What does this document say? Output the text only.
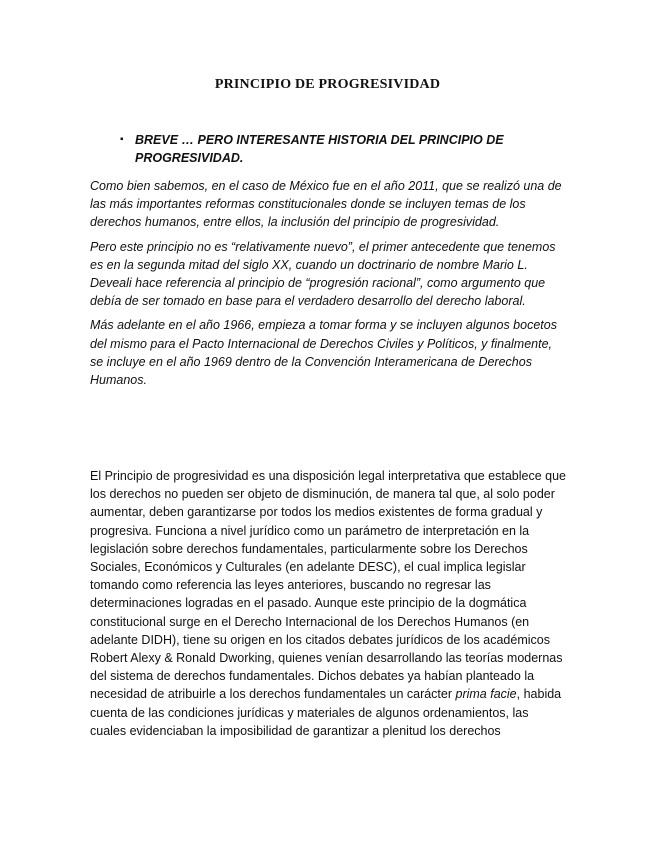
PRINCIPIO DE PROGRESIVIDAD
▪ BREVE … PERO INTERESANTE HISTORIA DEL PRINCIPIO DE PROGRESIVIDAD.

Como bien sabemos, en el caso de México fue en el año 2011, que se realizó una de las más importantes reformas constitucionales donde se incluyen temas de los derechos humanos, entre ellos, la inclusión del principio de progresividad.

Pero este principio no es “relativamente nuevo”, el primer antecedente que tenemos es en la segunda mitad del siglo XX, cuando un doctrinario de nombre Mario L. Deveali hace referencia al principio de “progresión racional”, como argumento que debía de ser tomado en base para el verdadero desarrollo del derecho laboral.

Más adelante en el año 1966, empieza a tomar forma y se incluyen algunos bocetos del mismo para el Pacto Internacional de Derechos Civiles y Políticos, y finalmente, se incluye en el año 1969 dentro de la Convención Interamericana de Derechos Humanos.

El Principio de progresividad es una disposición legal interpretativa que establece que los derechos no pueden ser objeto de disminución, de manera tal que, al solo poder aumentar, deben garantizarse por todos los medios existentes de forma gradual y progresiva. Funciona a nivel jurídico como un parámetro de interpretación en la legislación sobre derechos fundamentales, particularmente sobre los Derechos Sociales, Económicos y Culturales (en adelante DESC), el cual implica legislar tomando como referencia las leyes anteriores, buscando no regresar las determinaciones logradas en el pasado. Aunque este principio de la dogmática constitucional surge en el Derecho Internacional de los Derechos Humanos (en adelante DIDH), tiene su origen en los citados debates jurídicos de los académicos Robert Alexy & Ronald Dworking, quienes venían desarrollando las teorías modernas del sistema de derechos fundamentales. Dichos debates ya habían planteado la necesidad de atribuirle a los derechos fundamentales un carácter prima facie, habida cuenta de las condiciones jurídicas y materiales de algunos ordenamientos, las cuales evidenciaban la imposibilidad de garantizar a plenitud los derechos
